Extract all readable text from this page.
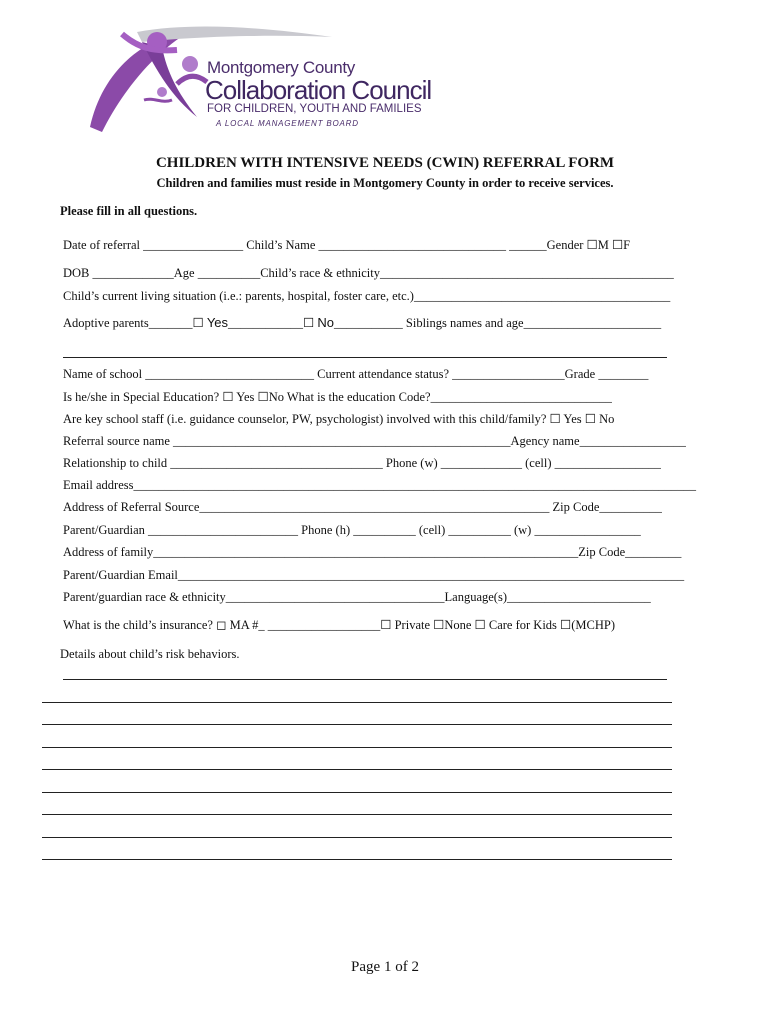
Montgomery County
Collaboration Council
FOR CHILDREN, YOUTH AND FAMILIES
A LOCAL MANAGEMENT BOARD
CHILDREN WITH INTENSIVE NEEDS (CWIN) REFERRAL FORM
Children and families must reside in Montgomery County in order to receive services.
Please fill in all questions.
Date of referral ________________ Child’s Name ______________________________ ______Gender ☐M ☐F
DOB _____________Age __________Child’s race & ethnicity_______________________________________________
Child’s current living situation (i.e.: parents, hospital, foster care, etc.)_________________________________________
Adoptive parents_______☐ Yes____________☐ No___________ Siblings names and age______________________
Name of school ___________________________ Current attendance status? __________________Grade ________
Is he/she in Special Education? ☐ Yes ☐No What is the education Code?_____________________________
Are key school staff (i.e. guidance counselor, PW, psychologist) involved with this child/family? ☐ Yes ☐ No
Referral source name ______________________________________________________Agency name_________________
Relationship to child __________________________________ Phone (w) _____________ (cell) _________________
Email address__________________________________________________________________________________________
Address of Referral Source________________________________________________________ Zip Code__________
Parent/Guardian ________________________ Phone (h) __________ (cell) __________ (w) _________________
Address of family____________________________________________________________________Zip Code_________
Parent/Guardian Email_________________________________________________________________________________
Parent/guardian race & ethnicity___________________________________Language(s)_______________________
What is the child’s insurance? ◻ MA #_ __________________☐ Private ☐None ☐ Care for Kids ☐(MCHP)
Details about child’s risk behaviors.
Page 1 of 2
